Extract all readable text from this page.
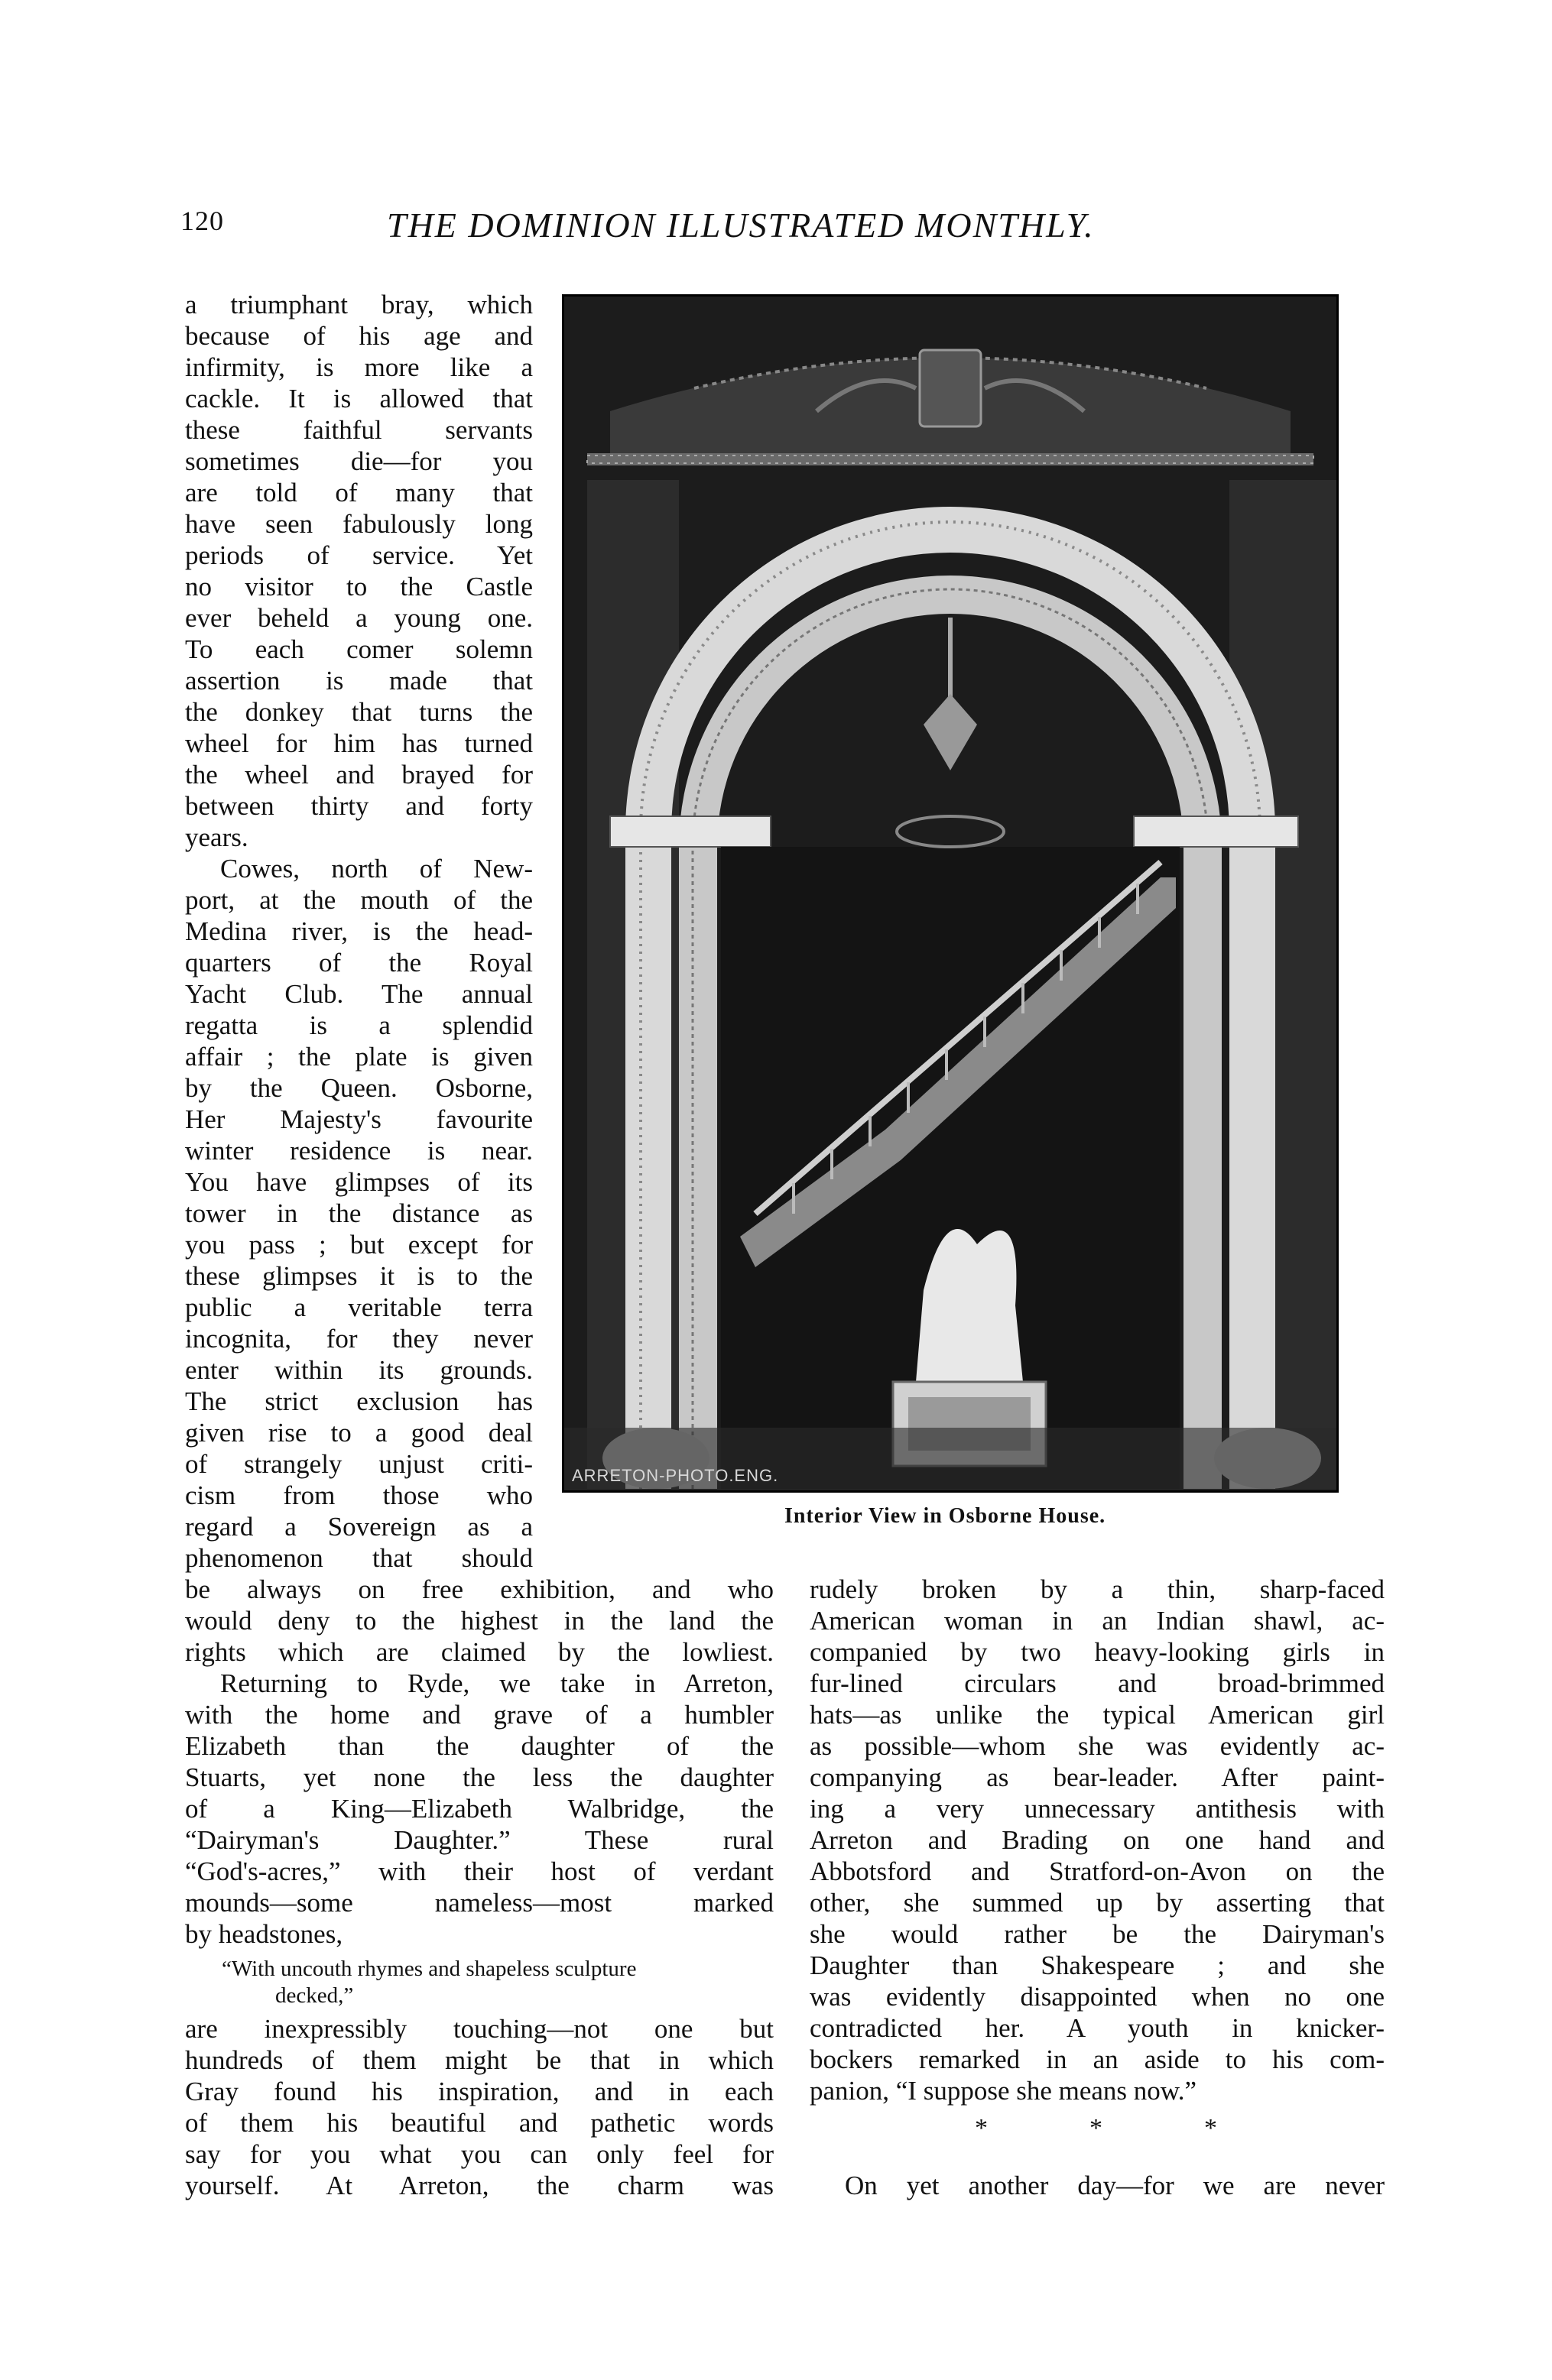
120	THE DOMINION ILLUSTRATED MONTHLY.

a triumphant bray, which

because of his age and

infirmity, is more like a

cackle. It is allowed that

these faithful servants

sometimes die—for you

are told of many that

have seen fabulously long

periods of service. Yet

no visitor to the Castle

ever beheld a young one.

To each comer solemn

assertion is made that

the donkey that turns the

wheel for him has turned

the wheel and brayed for

between thirty and forty

years.

Cowes, north of New-

port, at the mouth of the

Medina river, is the head-

quarters of the Royal

Yacht Club. The annual

regatta is a splendid

affair ; the plate is given

by the Queen. Osborne,

Her Majesty's favourite

winter residence is near.

You have glimpses of its

tower in the distance as

you pass ; but except for

these glimpses it is to the

public a veritable terra

incognita, for they never

enter within its grounds.

The strict exclusion has

given rise to a good deal

of strangely unjust criti-

cism from those who

regard a Sovereign as a

phenomenon that should

be always on free exhibition, and who

would deny to the highest in the land the

rights which are claimed by the lowliest.

Returning to Ryde, we take in Arreton,

with the home and grave of a humbler

Elizabeth than the daughter of the

Stuarts, yet none the less the daughter

of a King—Elizabeth Walbridge, the

“Dairyman's Daughter.” These rural

“God's-acres,” with their host of verdant

mounds—some nameless—most marked

by headstones,

“With uncouth rhymes and shapeless sculpture

decked,”

are inexpressibly touching—not one but

hundreds of them might be that in which

Gray found his inspiration, and in each

of them his beautiful and pathetic words

say for you what you can only feel for

yourself. At Arreton, the charm was

ARRETON-PHOTO.ENG.
Interior View in Osborne House.

rudely broken by a thin, sharp-faced

American woman in an Indian shawl, ac-

companied by two heavy-looking girls in

fur-lined circulars and broad-brimmed

hats—as unlike the typical American girl

as possible—whom she was evidently ac-

companying as bear-leader. After paint-

ing a very unnecessary antithesis with

Arreton and Brading on one hand and

Abbotsford and Stratford-on-Avon on the

other, she summed up by asserting that

she would rather be the Dairyman's

Daughter than Shakespeare ; and she

was evidently disappointed when no one

contradicted her. A youth in knicker-

bockers remarked in an aside to his com-

panion, “I suppose she means now.”

*	*	*

On yet another day—for we are never
